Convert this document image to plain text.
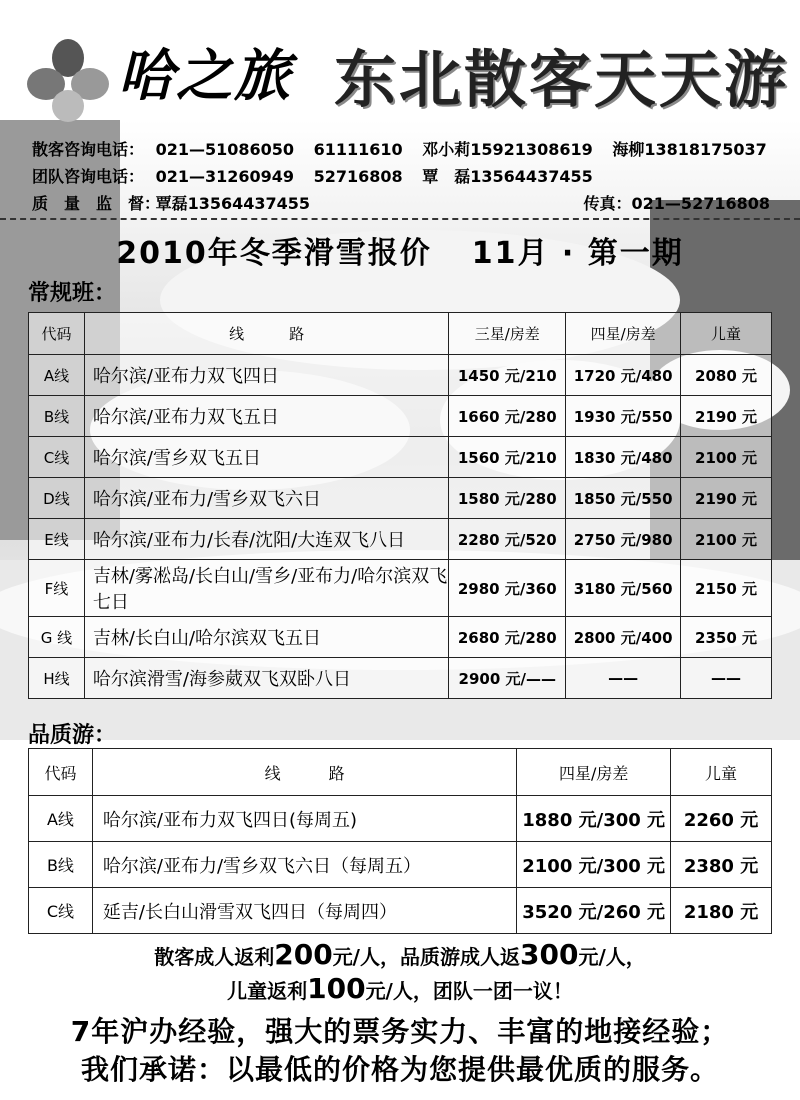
哈之旅 东北散客天天游
散客咨询电话： 021—51086050 61111610 邓小莉15921308619 海柳13818175037
团队咨询电话： 021—31260949 52716808 覃　磊13564437455
质　量　监　督： 覃磊13564437455	传真：021—52716808
2010年冬季滑雪报价 11月 · 第一期
常规班：
代码	线　　　路	三星/房差	四星/房差	儿童
A线	哈尔滨/亚布力双飞四日	1450 元/210	1720 元/480	2080 元
B线	哈尔滨/亚布力双飞五日	1660 元/280	1930 元/550	2190 元
C线	哈尔滨/雪乡双飞五日	1560 元/210	1830 元/480	2100 元
D线	哈尔滨/亚布力/雪乡双飞六日	1580 元/280	1850 元/550	2190 元
E线	哈尔滨/亚布力/长春/沈阳/大连双飞八日	2280 元/520	2750 元/980	2100 元
F线	吉林/雾凇岛/长白山/雪乡/亚布力/哈尔滨双飞七日	2980 元/360	3180 元/560	2150 元
G 线	吉林/长白山/哈尔滨双飞五日	2680 元/280	2800 元/400	2350 元
H线	哈尔滨滑雪/海参葳双飞双卧八日	2900 元/——	——	——
品质游：
代码	线　　　路	四星/房差	儿童
A线	哈尔滨/亚布力双飞四日(每周五)	1880 元/300 元	2260 元
B线	哈尔滨/亚布力/雪乡双飞六日（每周五）	2100 元/300 元	2380 元
C线	延吉/长白山滑雪双飞四日（每周四）	3520 元/260 元	2180 元
散客成人返利200元/人，品质游成人返300元/人，
儿童返利100元/人，团队一团一议！
7年沪办经验，强大的票务实力、丰富的地接经验；
我们承诺：以最低的价格为您提供最优质的服务。
